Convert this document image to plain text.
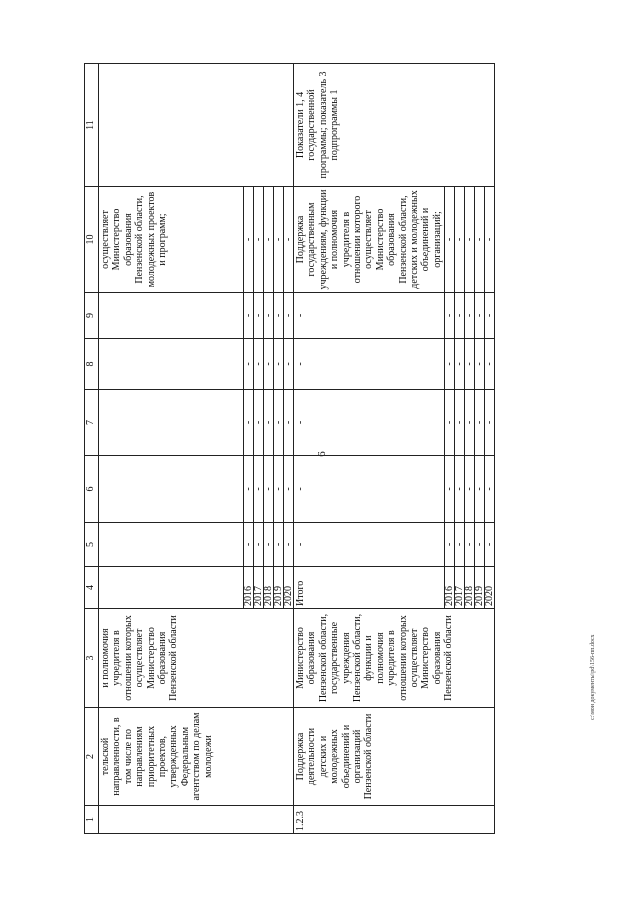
6
1	2	3	4	5	6	7	8	9	10	11
	тельской направленности, в том числе по направлениям приоритетных проектов, утвержденных Федеральным агентством по делам молодежи	и полномочия учредителя в отношении которых осуществляет Министерство образования Пензенской области							осуществляет Министерство образования Пензенской области, молодежных проектов и программ;	
			2016	-	-	-	-	-	-	
			2017	-	-	-	-	-	-	
			2018	-	-	-	-	-	-	
			2019	-	-	-	-	-	-	
			2020	-	-	-	-	-	-	
1.2.3	Поддержка деятельности детских и молодежных объединений и организаций Пензенской области	Министерство образования Пензенской области, государственные учреждения Пензенской области, функции и полномочия учредителя в отношении которых осуществляет Министерство образования Пензенской области	Итого	-	-	-	-	-	Поддержка государственным учреждениям, функции и полномочия учредителя в отношении которого осуществляет Министерство образования Пензенской области, детских и молодежных объединений и организаций;	Показатели 1, 4 государственной программы; показатель 3 подпрограммы 1
			2016	-	-	-	-	-	-	
			2017	-	-	-	-	-	-	
			2018	-	-	-	-	-	-	
			2019	-	-	-	-	-	-	
			2020	-	-	-	-	-	-	
c:\мои документы\pd\156-пп.docx
